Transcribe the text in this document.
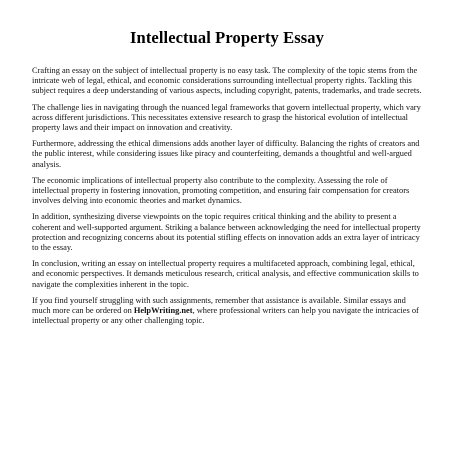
Intellectual Property Essay

Crafting an essay on the subject of intellectual property is no easy task. The complexity of the topic stems from the intricate web of legal, ethical, and economic considerations surrounding intellectual property rights. Tackling this subject requires a deep understanding of various aspects, including copyright, patents, trademarks, and trade secrets.

The challenge lies in navigating through the nuanced legal frameworks that govern intellectual property, which vary across different jurisdictions. This necessitates extensive research to grasp the historical evolution of intellectual property laws and their impact on innovation and creativity.

Furthermore, addressing the ethical dimensions adds another layer of difficulty. Balancing the rights of creators and the public interest, while considering issues like piracy and counterfeiting, demands a thoughtful and well-argued analysis.

The economic implications of intellectual property also contribute to the complexity. Assessing the role of intellectual property in fostering innovation, promoting competition, and ensuring fair compensation for creators involves delving into economic theories and market dynamics.

In addition, synthesizing diverse viewpoints on the topic requires critical thinking and the ability to present a coherent and well-supported argument. Striking a balance between acknowledging the need for intellectual property protection and recognizing concerns about its potential stifling effects on innovation adds an extra layer of intricacy to the essay.

In conclusion, writing an essay on intellectual property requires a multifaceted approach, combining legal, ethical, and economic perspectives. It demands meticulous research, critical analysis, and effective communication skills to navigate the complexities inherent in the topic.

If you find yourself struggling with such assignments, remember that assistance is available. Similar essays and much more can be ordered on HelpWriting.net, where professional writers can help you navigate the intricacies of intellectual property or any other challenging topic.
